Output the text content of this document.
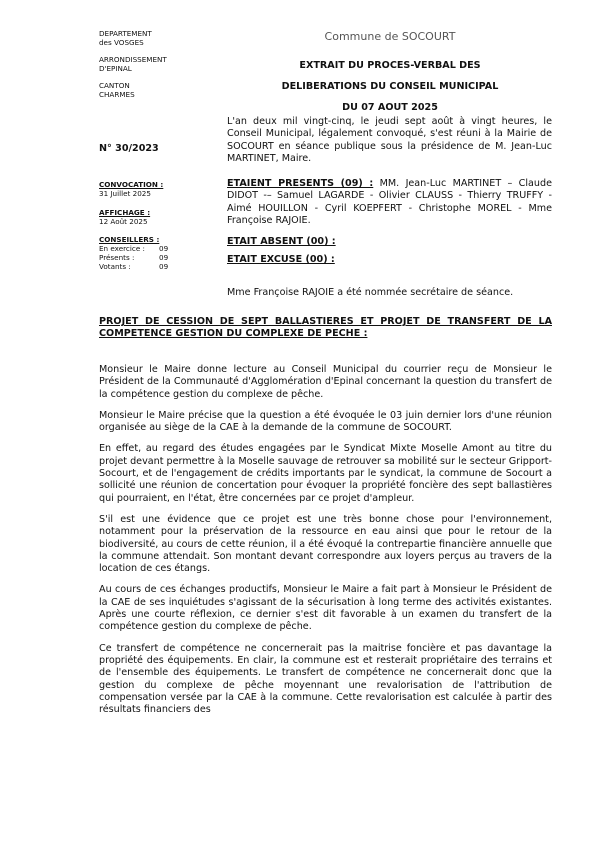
DEPARTEMENT
des VOSGES
ARRONDISSEMENT
D'EPINAL
CANTON
CHARMES
Commune de SOCOURT
EXTRAIT DU PROCES-VERBAL DES
DELIBERATIONS DU CONSEIL MUNICIPAL
DU 07 AOUT 2025
N° 30/2023
L'an deux mil vingt-cinq, le jeudi sept août à vingt heures, le Conseil Municipal, légalement convoqué, s'est réuni à la Mairie de SOCOURT en séance publique sous la présidence de M. Jean-Luc MARTINET, Maire.
CONVOCATION :
31 Juillet 2025
AFFICHAGE :
12 Août 2025
CONSEILLERS :
En exercice :	09
Présents :	09
Votants :	09
ETAIENT PRESENTS (09) : MM. Jean-Luc MARTINET – Claude DIDOT -– Samuel LAGARDE - Olivier CLAUSS - Thierry TRUFFY - Aimé HOUILLON - Cyril KOEPFERT - Christophe MOREL - Mme Françoise RAJOIE.
ETAIT ABSENT (00) :
ETAIT EXCUSE (00) :
Mme Françoise RAJOIE a été nommée secrétaire de séance.
PROJET DE CESSION DE SEPT BALLASTIERES ET PROJET DE TRANSFERT DE LA COMPETENCE GESTION DU COMPLEXE DE PECHE :

Monsieur le Maire donne lecture au Conseil Municipal du courrier reçu de Monsieur le Président de la Communauté d'Agglomération d'Epinal concernant la question du transfert de la compétence gestion du complexe de pêche.

Monsieur le Maire précise que la question a été évoquée le 03 juin dernier lors d'une réunion organisée au siège de la CAE à la demande de la commune de SOCOURT.

En effet, au regard des études engagées par le Syndicat Mixte Moselle Amont au titre du projet devant permettre à la Moselle sauvage de retrouver sa mobilité sur le secteur Gripport-Socourt, et de l'engagement de crédits importants par le syndicat, la commune de Socourt a sollicité une réunion de concertation pour évoquer la propriété foncière des sept ballastières qui pourraient, en l'état, être concernées par ce projet d'ampleur.

S'il est une évidence que ce projet est une très bonne chose pour l'environnement, notamment pour la préservation de la ressource en eau ainsi que pour le retour de la biodiversité, au cours de cette réunion, il a été évoqué la contrepartie financière annuelle que la commune attendait. Son montant devant correspondre aux loyers perçus au travers de la location de ces étangs.

Au cours de ces échanges productifs, Monsieur le Maire a fait part à Monsieur le Président de la CAE de ses inquiétudes s'agissant de la sécurisation à long terme des activités existantes. Après une courte réflexion, ce dernier s'est dit favorable à un examen du transfert de la compétence gestion du complexe de pêche.

Ce transfert de compétence ne concernerait pas la maitrise foncière et pas davantage la propriété des équipements. En clair, la commune est et resterait propriétaire des terrains et de l'ensemble des équipements. Le transfert de compétence ne concernerait donc que la gestion du complexe de pêche moyennant une revalorisation de l'attribution de compensation versée par la CAE à la commune. Cette revalorisation est calculée à partir des résultats financiers des
